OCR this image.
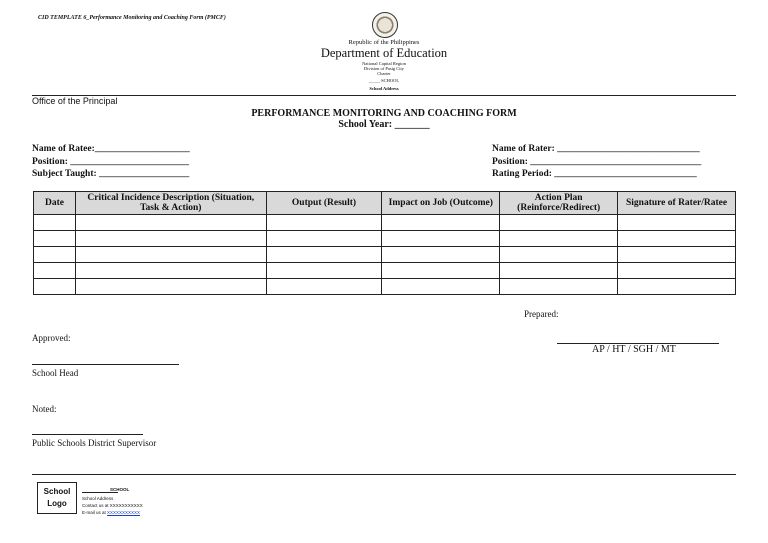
CID TEMPLATE 6_Performance Monitoring and Coaching Form (PMCF)
Republic of the Philippines
Department of Education
National Capital Region
Division of Pasig City
Charter
_____ SCHOOL
School Address
Office of the Principal
PERFORMANCE MONITORING AND COACHING FORM
School Year: _______
Name of Ratee:____________________
Position: _________________________
Subject Taught: ___________________
Name of Rater: ______________________________
Position: ____________________________________
Rating Period: ______________________________
Date	Critical Incidence Description (Situation, Task & Action)	Output (Result)	Impact on Job (Outcome)	Action Plan (Reinforce/Redirect)	Signature of Rater/Ratee

Prepared:
AP / HT / SGH / MT
Approved:
School Head
Noted:
Public Schools District Supervisor
School
Logo
SCHOOL
School Address
Contact us at XXXXXXXXXXX
E-mail us at XXXXXXXXXXX
